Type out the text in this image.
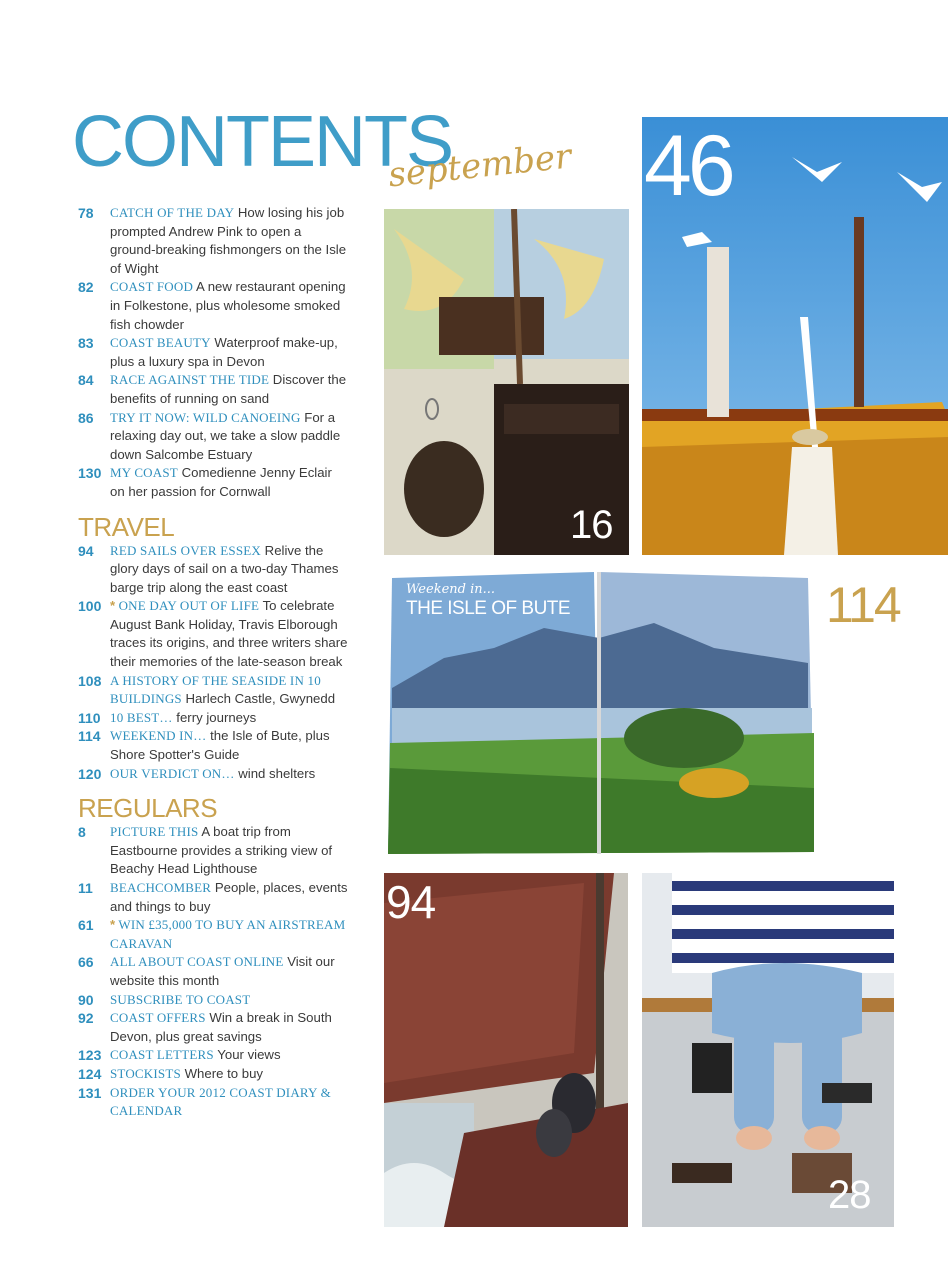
CONTENTS
september
78	CATCH OF THE DAY How losing his job prompted Andrew Pink to open a ground-breaking fishmongers on the Isle of Wight
82	COAST FOOD A new restaurant opening in Folkestone, plus wholesome smoked fish chowder
83	COAST BEAUTY Waterproof make-up, plus a luxury spa in Devon
84	RACE AGAINST THE TIDE Discover the benefits of running on sand
86	TRY IT NOW: WILD CANOEING For a relaxing day out, we take a slow paddle down Salcombe Estuary
130 MY COAST Comedienne Jenny Eclair on her passion for Cornwall
TRAVEL
94	RED SAILS OVER ESSEX Relive the glory days of sail on a two-day Thames barge trip along the east coast
100 * ONE DAY OUT OF LIFE To celebrate August Bank Holiday, Travis Elborough traces its origins, and three writers share their memories of the late-season break
108 A HISTORY OF THE SEASIDE IN 10 BUILDINGS Harlech Castle, Gwynedd
110 10 BEST… ferry journeys
114 WEEKEND IN… the Isle of Bute, plus Shore Spotter's Guide
120 OUR VERDICT ON… wind shelters
REGULARS
8	PICTURE THIS A boat trip from Eastbourne provides a striking view of Beachy Head Lighthouse
11	BEACHCOMBER People, places, events and things to buy
61	* WIN £35,000 TO BUY AN AIRSTREAM CARAVAN
66	ALL ABOUT COAST ONLINE Visit our website this month
90	SUBSCRIBE TO COAST
92	COAST OFFERS Win a break in South Devon, plus great savings
123 COAST LETTERS Your views
124 STOCKISTS Where to buy
131 ORDER YOUR 2012 COAST DIARY & CALENDAR
46
16
Weekend in...
THE ISLE OF BUTE	114
94
28
